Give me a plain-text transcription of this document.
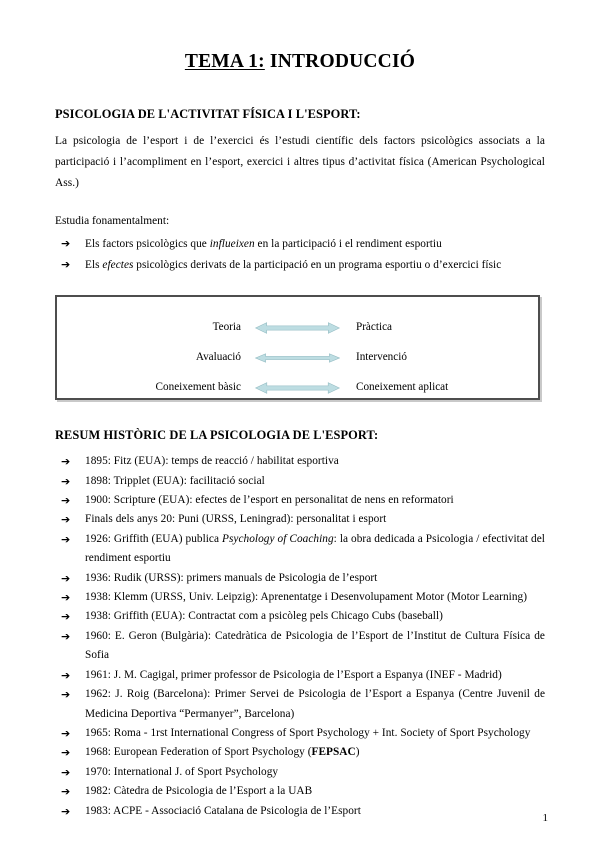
TEMA 1: INTRODUCCIÓ
PSICOLOGIA DE L'ACTIVITAT FÍSICA I L'ESPORT:

La psicologia de l’esport i de l’exercici és l’estudi científic dels factors psicològics associats a la participació i l’acompliment en l’esport, exercici i altres tipus d’activitat física (American Psychological Ass.)

Estudia fonamentalment:

➔ Els factors psicològics que influeixen en la participació i el rendiment esportiu
➔ Els efectes psicològics derivats de la participació en un programa esportiu o d’exercici físic
Teoria	Pràctica
Avaluació	Intervenció
Coneixement bàsic	Coneixement aplicat
RESUM HISTÒRIC DE LA PSICOLOGIA DE L'ESPORT:
➔ 1895: Fitz (EUA): temps de reacció / habilitat esportiva
➔ 1898: Tripplet (EUA): facilitació social
➔ 1900: Scripture (EUA): efectes de l’esport en personalitat de nens en reformatori
➔ Finals dels anys 20: Puni (URSS, Leningrad): personalitat i esport
➔ 1926: Griffith (EUA) publica Psychology of Coaching: la obra dedicada a Psicologia / efectivitat del rendiment esportiu
➔ 1936: Rudik (URSS): primers manuals de Psicologia de l’esport
➔ 1938: Klemm (URSS, Univ. Leipzig): Aprenentatge i Desenvolupament Motor (Motor Learning)
➔ 1938: Griffith (EUA): Contractat com a psicòleg pels Chicago Cubs (baseball)
➔ 1960: E. Geron (Bulgària): Catedràtica de Psicologia de l’Esport de l’Institut de Cultura Física de Sofia
➔ 1961: J. M. Cagigal, primer professor de Psicologia de l’Esport a Espanya (INEF - Madrid)
➔ 1962: J. Roig (Barcelona): Primer Servei de Psicologia de l’Esport a Espanya (Centre Juvenil de Medicina Deportiva “Permanyer”, Barcelona)
➔ 1965: Roma - 1rst International Congress of Sport Psychology + Int. Society of Sport Psychology
➔ 1968: European Federation of Sport Psychology (FEPSAC)
➔ 1970: International J. of Sport Psychology
➔ 1982: Càtedra de Psicologia de l’Esport a la UAB
➔ 1983: ACPE - Associació Catalana de Psicologia de l’Esport
1
